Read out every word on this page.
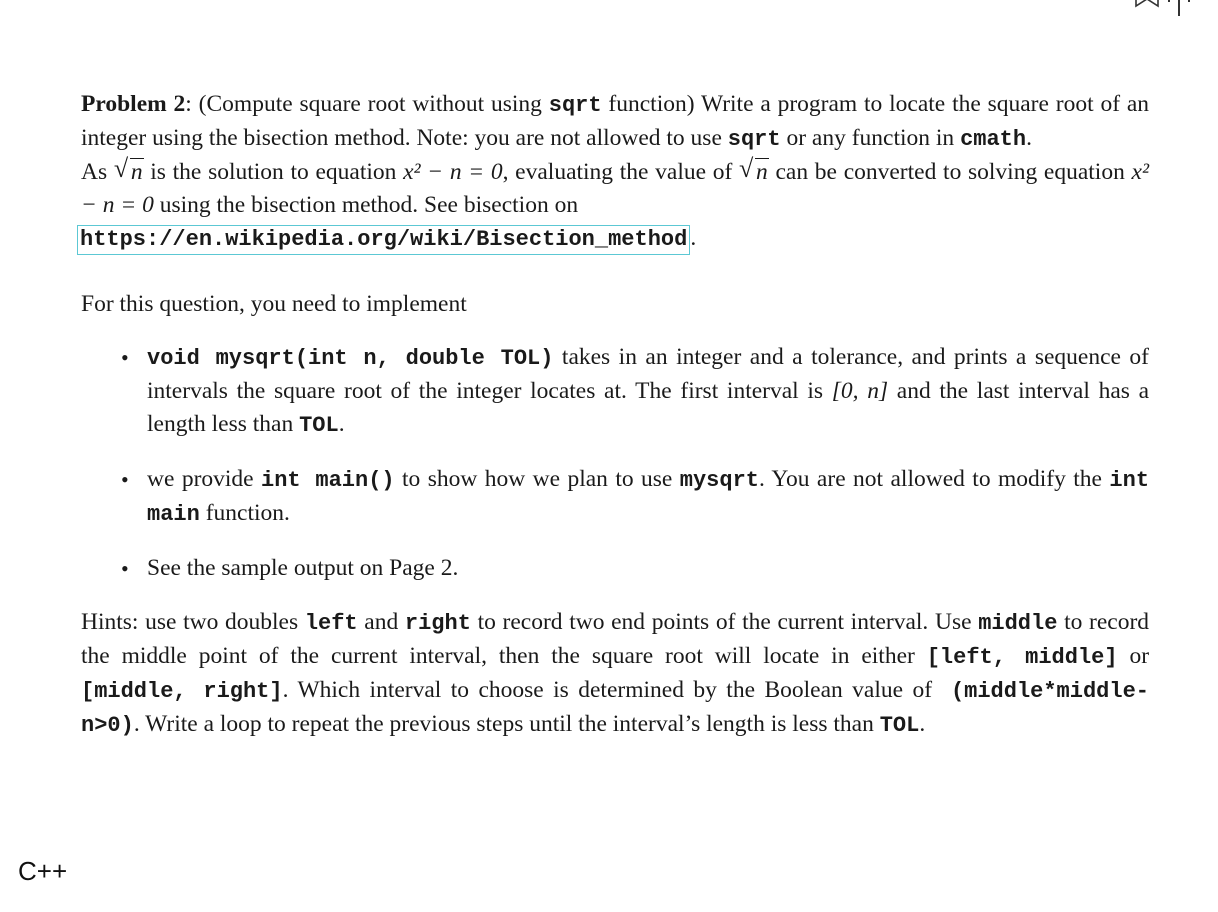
Problem 2: (Compute square root without using sqrt function) Write a program to locate the square root of an integer using the bisection method. Note: you are not allowed to use sqrt or any function in cmath.
As √ n is the solution to equation x² − n = 0, evaluating the value of √ n can be converted to solving equation x² − n = 0 using the bisection method. See bisection on
https://en.wikipedia.org/wiki/Bisection_method .

For this question, you need to implement

• void mysqrt(int n, double TOL) takes in an integer and a tolerance, and prints a sequence of intervals the square root of the integer locates at. The first interval is [0, n] and the last interval has a length less than TOL.
• we provide int main() to show how we plan to use mysqrt. You are not allowed to modify the int main function.
• See the sample output on Page 2.

Hints: use two doubles left and right to record two end points of the current interval. Use middle to record the middle point of the current interval, then the square root will locate in either [left, middle] or [middle, right]. Which interval to choose is determined by the Boolean value of (middle*middle-n>0). Write a loop to repeat the previous steps until the interval’s length is less than TOL.

C++
